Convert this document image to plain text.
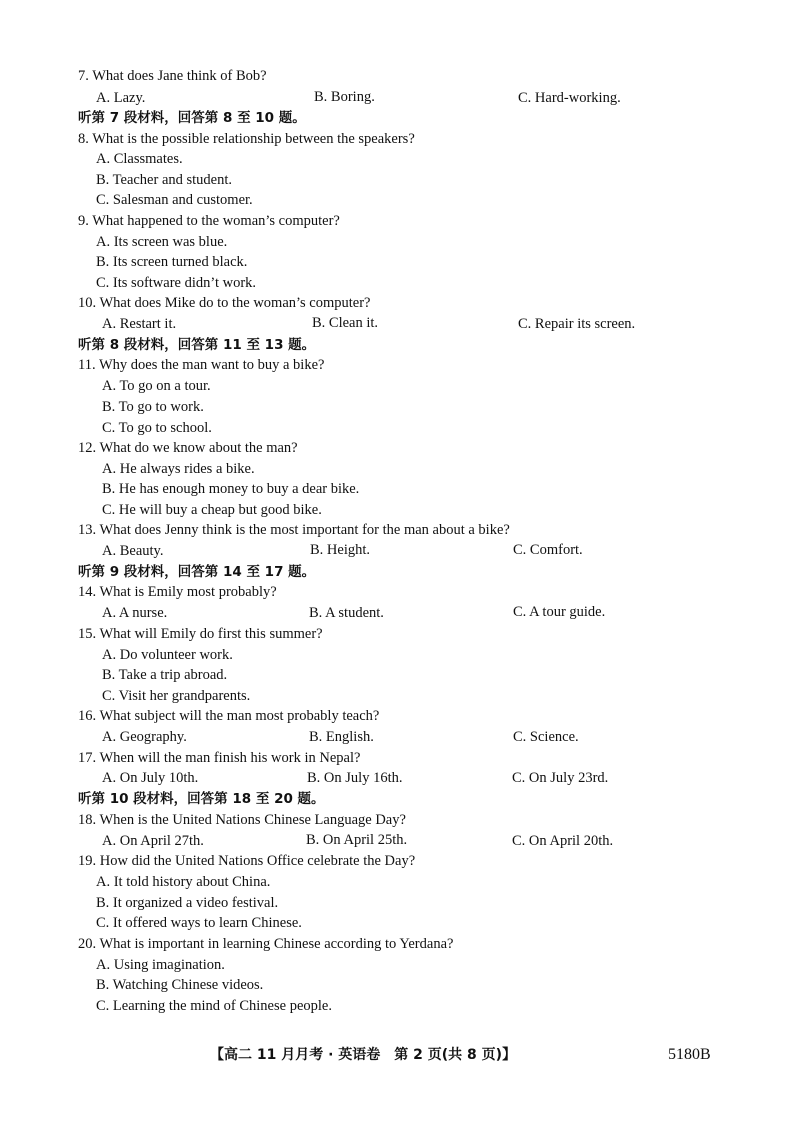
7. What does Jane think of Bob?
A. Lazy.	B. Boring.	C. Hard-working.
听第 7 段材料，回答第 8 至 10 题。
8. What is the possible relationship between the speakers?
A. Classmates.
B. Teacher and student.
C. Salesman and customer.
9. What happened to the woman’s computer?
A. Its screen was blue.
B. Its screen turned black.
C. Its software didn’t work.
10. What does Mike do to the woman’s computer?
A. Restart it.	B. Clean it.	C. Repair its screen.
听第 8 段材料，回答第 11 至 13 题。
11. Why does the man want to buy a bike?
A. To go on a tour.
B. To go to work.
C. To go to school.
12. What do we know about the man?
A. He always rides a bike.
B. He has enough money to buy a dear bike.
C. He will buy a cheap but good bike.
13. What does Jenny think is the most important for the man about a bike?
A. Beauty.	B. Height.	C. Comfort.
听第 9 段材料，回答第 14 至 17 题。
14. What is Emily most probably?
A. A nurse.	B. A student.	C. A tour guide.
15. What will Emily do first this summer?
A. Do volunteer work.
B. Take a trip abroad.
C. Visit her grandparents.
16. What subject will the man most probably teach?
A. Geography.	B. English.	C. Science.
17. When will the man finish his work in Nepal?
A. On July 10th.	B. On July 16th.	C. On July 23rd.
听第 10 段材料，回答第 18 至 20 题。
18. When is the United Nations Chinese Language Day?
A. On April 27th.	B. On April 25th.	C. On April 20th.
19. How did the United Nations Office celebrate the Day?
A. It told history about China.
B. It organized a video festival.
C. It offered ways to learn Chinese.
20. What is important in learning Chinese according to Yerdana?
A. Using imagination.
B. Watching Chinese videos.
C. Learning the mind of Chinese people.
【高二 11 月月考 · 英语卷　第 2 页(共 8 页)】	5180B
